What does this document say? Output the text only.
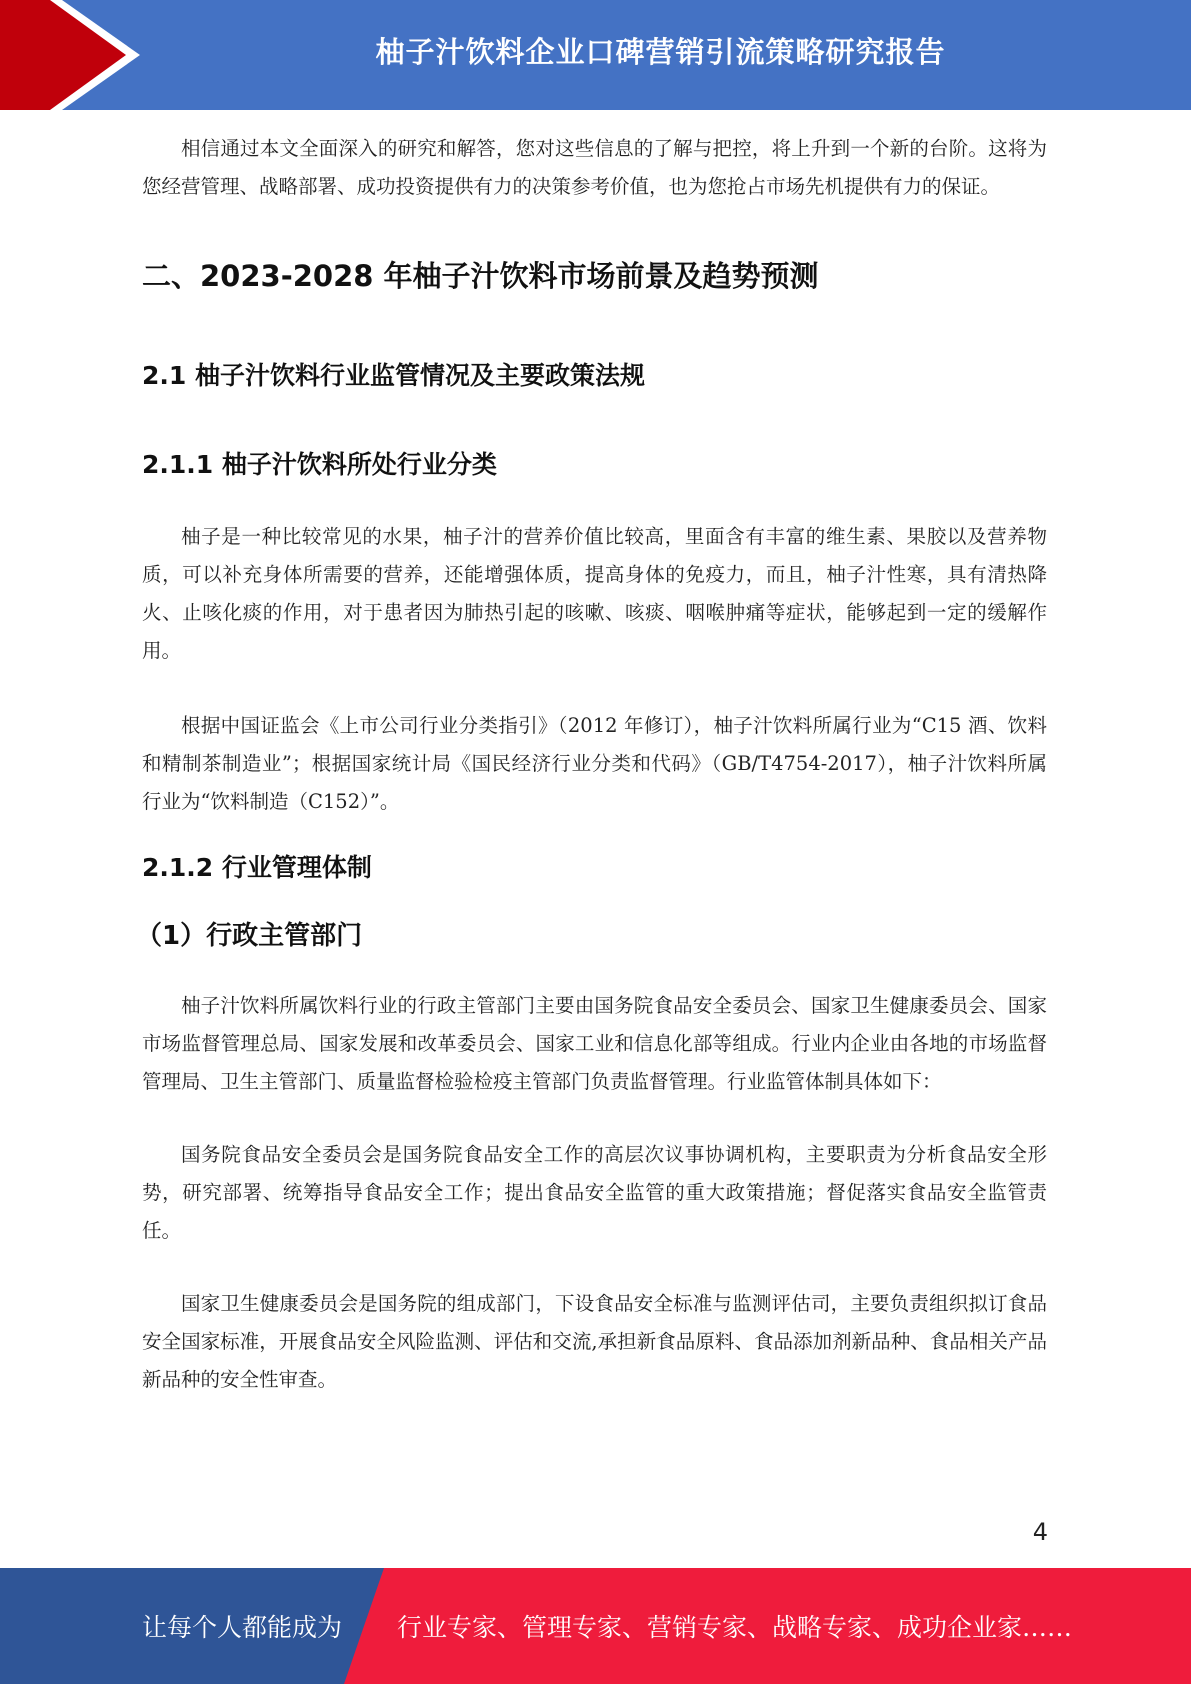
柚子汁饮料企业口碑营销引流策略研究报告

相信通过本文全面深入的研究和解答，您对这些信息的了解与把控，将上升到一个新的台阶。这将为您经营管理、战略部署、成功投资提供有力的决策参考价值，也为您抢占市场先机提供有力的保证。

二、2023-2028 年柚子汁饮料市场前景及趋势预测
2.1 柚子汁饮料行业监管情况及主要政策法规
2.1.1 柚子汁饮料所处行业分类

柚子是一种比较常见的水果，柚子汁的营养价值比较高，里面含有丰富的维生素、果胶以及营养物质，可以补充身体所需要的营养，还能增强体质，提高身体的免疫力，而且，柚子汁性寒，具有清热降火、止咳化痰的作用，对于患者因为肺热引起的咳嗽、咳痰、咽喉肿痛等症状，能够起到一定的缓解作用。

根据中国证监会《上市公司行业分类指引》（2012 年修订），柚子汁饮料所属行业为“C15 酒、饮料和精制茶制造业”；根据国家统计局《国民经济行业分类和代码》（GB/T4754-2017），柚子汁饮料所属行业为“饮料制造（C152）”。

2.1.2 行业管理体制
（1）行政主管部门

柚子汁饮料所属饮料行业的行政主管部门主要由国务院食品安全委员会、国家卫生健康委员会、国家市场监督管理总局、国家发展和改革委员会、国家工业和信息化部等组成。行业内企业由各地的市场监督管理局、卫生主管部门、质量监督检验检疫主管部门负责监督管理。行业监管体制具体如下：

国务院食品安全委员会是国务院食品安全工作的高层次议事协调机构，主要职责为分析食品安全形势，研究部署、统筹指导食品安全工作；提出食品安全监管的重大政策措施；督促落实食品安全监管责任。

国家卫生健康委员会是国务院的组成部门，下设食品安全标准与监测评估司，主要负责组织拟订食品安全国家标准，开展食品安全风险监测、评估和交流,承担新食品原料、食品添加剂新品种、食品相关产品新品种的安全性审查。

4
让每个人都能成为 行业专家、管理专家、营销专家、战略专家、成功企业家……
